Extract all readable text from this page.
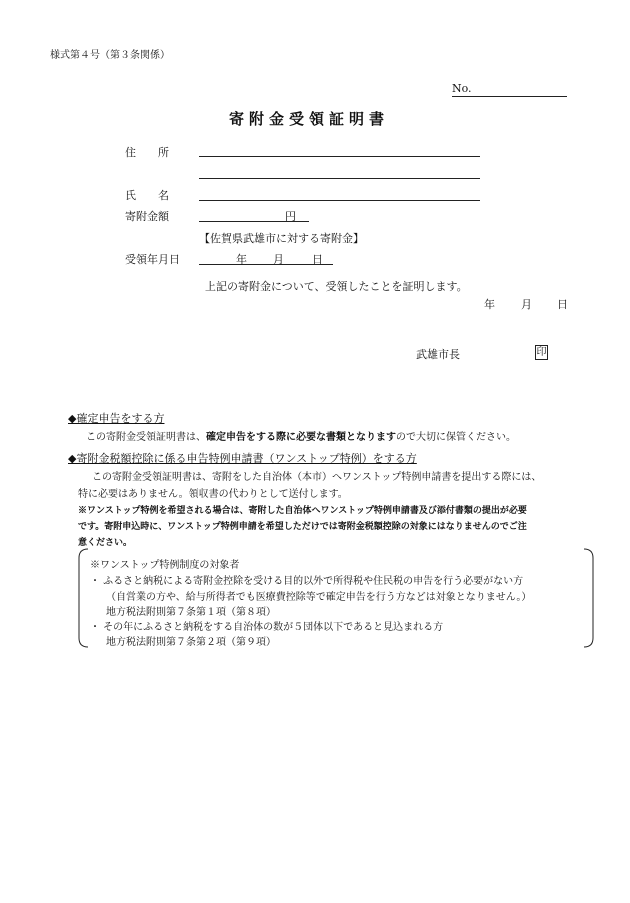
様式第４号（第３条関係）
No.
寄附金受領証明書
住　　所
氏　　名
寄附金額	円
【佐賀県武雄市に対する寄附金】
受領年月日	年 月	日
上記の寄附金について、受領したことを証明します。
年 月 日
武雄市長	印
◆確定申告をする方
この寄附金受領証明書は、確定申告をする際に必要な書類となりますので大切に保管ください。
◆寄附金税額控除に係る申告特例申請書（ワンストップ特例）をする方
この寄附金受領証明書は、寄附をした自治体（本市）へワンストップ特例申請書を提出する際には、
特に必要はありません。領収書の代わりとして送付します。
※ワンストップ特例を希望される場合は、寄附した自治体へワンストップ特例申請書及び添付書類の提出が必要
です。寄附申込時に、ワンストップ特例申請を希望しただけでは寄附金税額控除の対象にはなりませんのでご注
意ください。
※ワンストップ特例制度の対象者
・ ふるさと納税による寄附金控除を受ける目的以外で所得税や住民税の申告を行う必要がない方
（自営業の方や、給与所得者でも医療費控除等で確定申告を行う方などは対象となりません。）
地方税法附則第７条第１項（第８項）
・ その年にふるさと納税をする自治体の数が５団体以下であると見込まれる方
地方税法附則第７条第２項（第９項）
